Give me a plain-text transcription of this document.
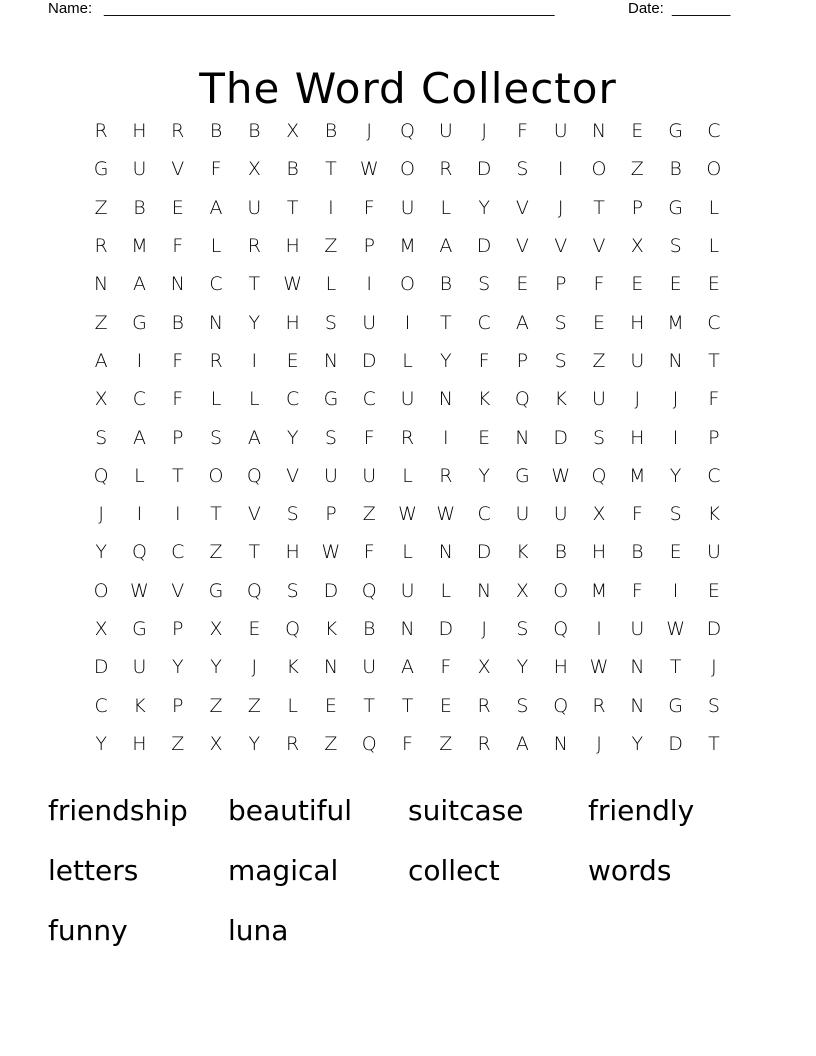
Name: ______________________________________________________	Date: _______
The Word Collector
R	H	R	B	B	X	B	J	Q	U	J	F	U	N	E	G	C
G	U	V	F	X	B	T	W	O	R	D	S	I	O	Z	B	O
Z	B	E	A	U	T	I	F	U	L	Y	V	J	T	P	G	L
R	M	F	L	R	H	Z	P	M	A	D	V	V	V	X	S	L
N	A	N	C	T	W	L	I	O	B	S	E	P	F	E	E	E
Z	G	B	N	Y	H	S	U	I	T	C	A	S	E	H	M	C
A	I	F	R	I	E	N	D	L	Y	F	P	S	Z	U	N	T
X	C	F	L	L	C	G	C	U	N	K	Q	K	U	J	J	F
S	A	P	S	A	Y	S	F	R	I	E	N	D	S	H	I	P
Q	L	T	O	Q	V	U	U	L	R	Y	G	W	Q	M	Y	C
J	I	I	T	V	S	P	Z	W	W	C	U	U	X	F	S	K
Y	Q	C	Z	T	H	W	F	L	N	D	K	B	H	B	E	U
O	W	V	G	Q	S	D	Q	U	L	N	X	O	M	F	I	E
X	G	P	X	E	Q	K	B	N	D	J	S	Q	I	U	W	D
D	U	Y	Y	J	K	N	U	A	F	X	Y	H	W	N	T	J
C	K	P	Z	Z	L	E	T	T	E	R	S	Q	R	N	G	S
Y	H	Z	X	Y	R	Z	Q	F	Z	R	A	N	J	Y	D	T
friendship	beautiful	suitcase	friendly
letters	magical	collect	words
funny	luna
